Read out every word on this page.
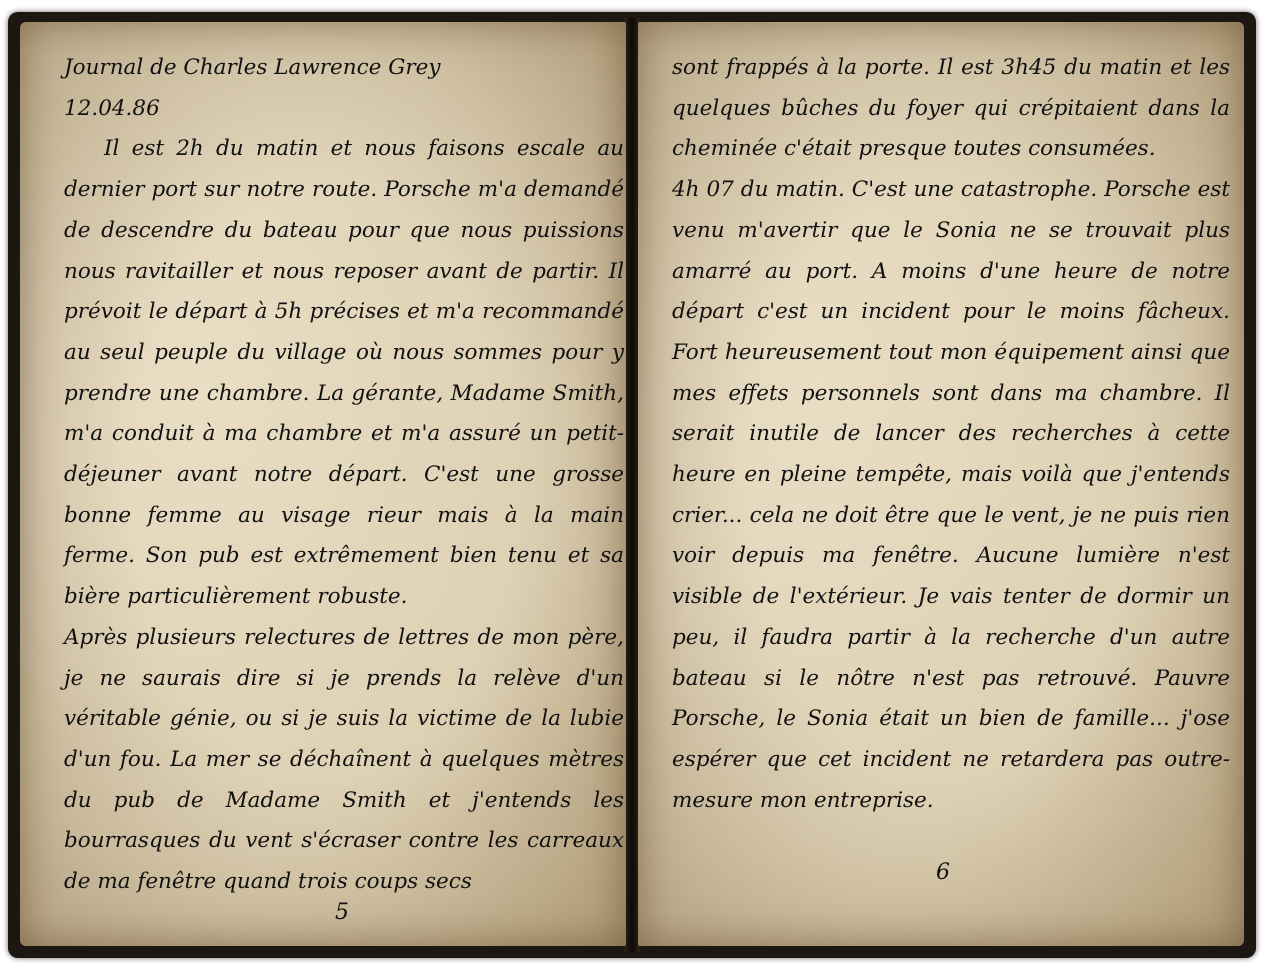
Journal de Charles Lawrence Grey

12.04.86

Il est 2h du matin et nous faisons escale au dernier port sur notre route. Porsche m'a demandé de descendre du bateau pour que nous puissions nous ravitailler et nous reposer avant de partir. Il prévoit le départ à 5h précises et m'a recommandé au seul peuple du village où nous sommes pour y prendre une chambre. La gérante, Madame Smith, m'a conduit à ma chambre et m'a assuré un petit-déjeuner avant notre départ. C'est une grosse bonne femme au visage rieur mais à la main ferme. Son pub est extrêmement bien tenu et sa bière particulièrement robuste.

Après plusieurs relectures de lettres de mon père, je ne saurais dire si je prends la relève d'un véritable génie, ou si je suis la victime de la lubie d'un fou. La mer se déchaînent à quelques mètres du pub de Madame Smith et j'entends les bourrasques du vent s'écraser contre les carreaux de ma fenêtre quand trois coups secs

5

sont frappés à la porte. Il est 3h45 du matin et les quelques bûches du foyer qui crépitaient dans la cheminée c'était presque toutes consumées.

4h 07 du matin. C'est une catastrophe. Porsche est venu m'avertir que le Sonia ne se trouvait plus amarré au port. A moins d'une heure de notre départ c'est un incident pour le moins fâcheux. Fort heureusement tout mon équipement ainsi que mes effets personnels sont dans ma chambre. Il serait inutile de lancer des recherches à cette heure en pleine tempête, mais voilà que j'entends crier... cela ne doit être que le vent, je ne puis rien voir depuis ma fenêtre. Aucune lumière n'est visible de l'extérieur. Je vais tenter de dormir un peu, il faudra partir à la recherche d'un autre bateau si le nôtre n'est pas retrouvé. Pauvre Porsche, le Sonia était un bien de famille... j'ose espérer que cet incident ne retardera pas outre-mesure mon entreprise.

6
